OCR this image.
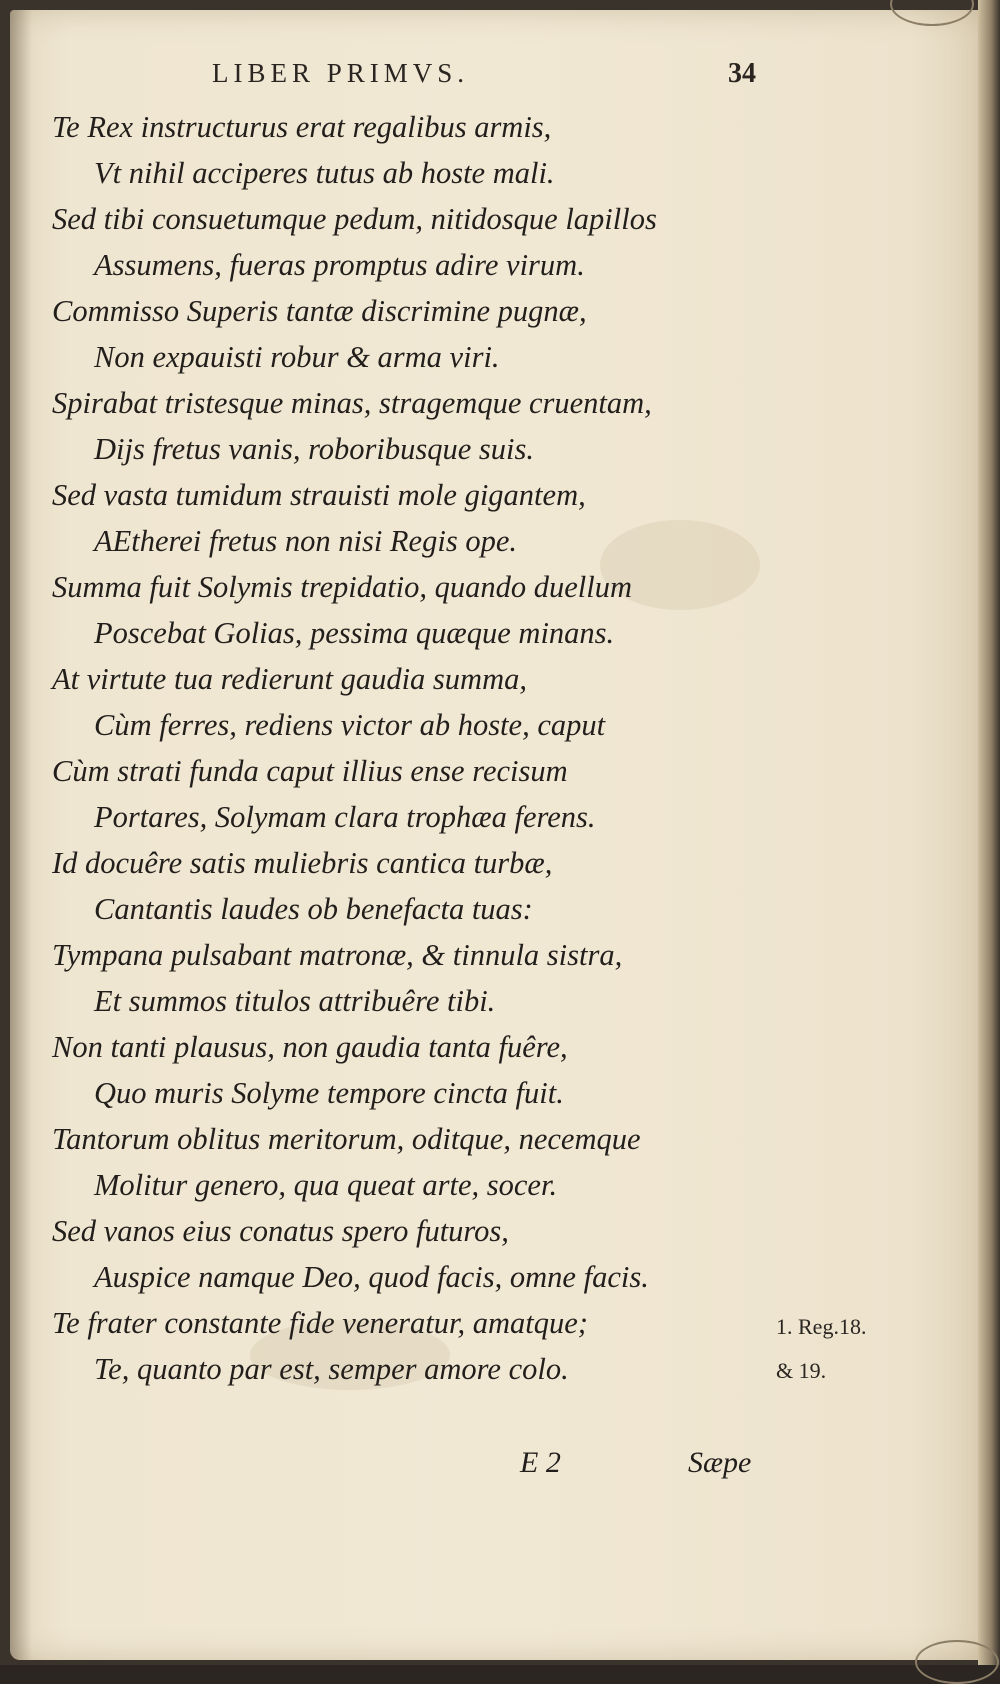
LIBER PRIMVS.	34
Te Rex instructurus erat regalibus armis,
Vt nihil acciperes tutus ab hoste mali.
Sed tibi consuetumque pedum, nitidosque lapillos
Assumens, fueras promptus adire virum.
Commisso Superis tantæ discrimine pugnæ,
Non expauisti robur & arma viri.
Spirabat tristesque minas, stragemque cruentam,
Dijs fretus vanis, roboribusque suis.
Sed vasta tumidum strauisti mole gigantem,
AEtherei fretus non nisi Regis ope.
Summa fuit Solymis trepidatio, quando duellum
Poscebat Golias, pessima quæque minans.
At virtute tua redierunt gaudia summa,
Cùm ferres, rediens victor ab hoste, caput
Cùm strati funda caput illius ense recisum
Portares, Solymam clara trophæa ferens.
Id docuêre satis muliebris cantica turbæ,
Cantantis laudes ob benefacta tuas:
Tympana pulsabant matronæ, & tinnula sistra,
Et summos titulos attribuêre tibi.
Non tanti plausus, non gaudia tanta fuêre,
Quo muris Solyme tempore cincta fuit.
Tantorum oblitus meritorum, oditque, necemque
Molitur genero, qua queat arte, socer.
Sed vanos eius conatus spero futuros,
Auspice namque Deo, quod facis, omne facis.
Te frater constante fide veneratur, amatque;
Te, quanto par est, semper amore colo.
1. Reg.18.
& 19.
E 2	Sæpe
